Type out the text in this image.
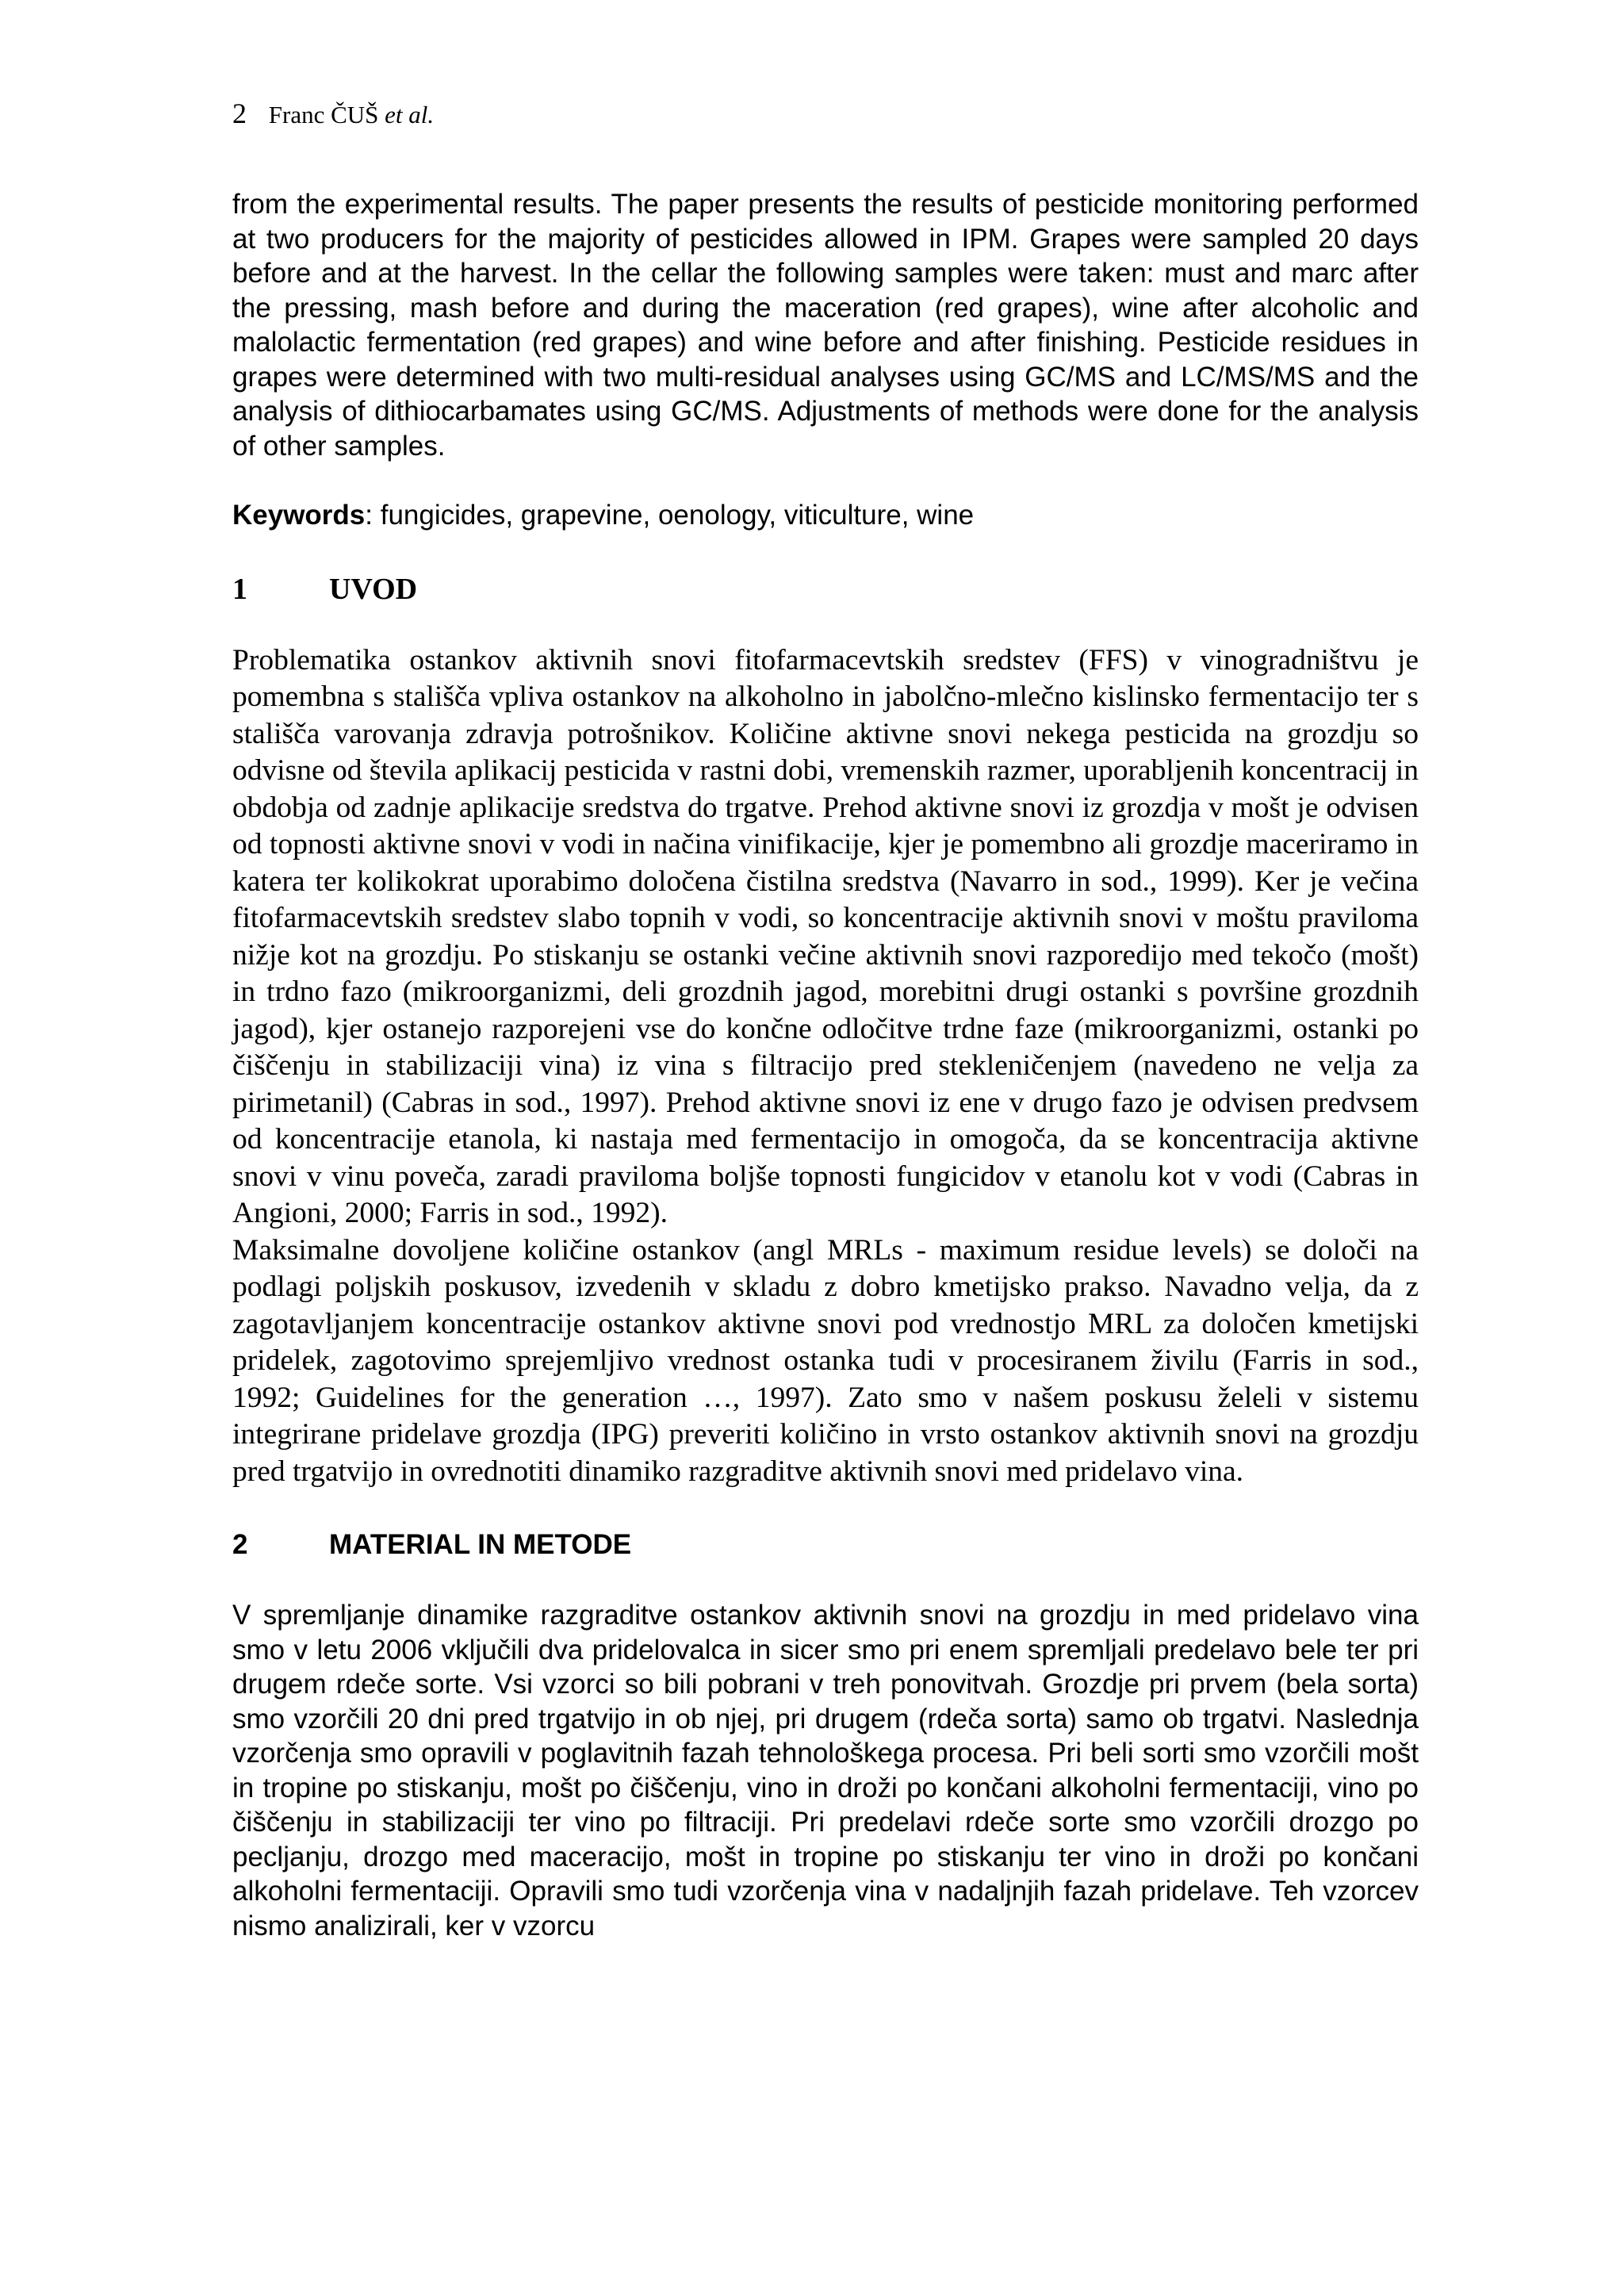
2 Franc ČUŠ et al.

from the experimental results. The paper presents the results of pesticide monitoring performed at two producers for the majority of pesticides allowed in IPM. Grapes were sampled 20 days before and at the harvest. In the cellar the following samples were taken: must and marc after the pressing, mash before and during the maceration (red grapes), wine after alcoholic and malolactic fermentation (red grapes) and wine before and after finishing. Pesticide residues in grapes were determined with two multi-residual analyses using GC/MS and LC/MS/MS and the analysis of dithiocarbamates using GC/MS. Adjustments of methods were done for the analysis of other samples.

Keywords: fungicides, grapevine, oenology, viticulture, wine

1	UVOD

Problematika ostankov aktivnih snovi fitofarmacevtskih sredstev (FFS) v vinogradništvu je pomembna s stališča vpliva ostankov na alkoholno in jabolčno-mlečno kislinsko fermentacijo ter s stališča varovanja zdravja potrošnikov. Količine aktivne snovi nekega pesticida na grozdju so odvisne od števila aplikacij pesticida v rastni dobi, vremenskih razmer, uporabljenih koncentracij in obdobja od zadnje aplikacije sredstva do trgatve. Prehod aktivne snovi iz grozdja v mošt je odvisen od topnosti aktivne snovi v vodi in načina vinifikacije, kjer je pomembno ali grozdje maceriramo in katera ter kolikokrat uporabimo določena čistilna sredstva (Navarro in sod., 1999). Ker je večina fitofarmacevtskih sredstev slabo topnih v vodi, so koncentracije aktivnih snovi v moštu praviloma nižje kot na grozdju. Po stiskanju se ostanki večine aktivnih snovi razporedijo med tekočo (mošt) in trdno fazo (mikroorganizmi, deli grozdnih jagod, morebitni drugi ostanki s površine grozdnih jagod), kjer ostanejo razporejeni vse do končne odločitve trdne faze (mikroorganizmi, ostanki po čiščenju in stabilizaciji vina) iz vina s filtracijo pred stekleničenjem (navedeno ne velja za pirimetanil) (Cabras in sod., 1997). Prehod aktivne snovi iz ene v drugo fazo je odvisen predvsem od koncentracije etanola, ki nastaja med fermentacijo in omogoča, da se koncentracija aktivne snovi v vinu poveča, zaradi praviloma boljše topnosti fungicidov v etanolu kot v vodi (Cabras in Angioni, 2000; Farris in sod., 1992).

Maksimalne dovoljene količine ostankov (angl MRLs - maximum residue levels) se določi na podlagi poljskih poskusov, izvedenih v skladu z dobro kmetijsko prakso. Navadno velja, da z zagotavljanjem koncentracije ostankov aktivne snovi pod vrednostjo MRL za določen kmetijski pridelek, zagotovimo sprejemljivo vrednost ostanka tudi v procesiranem živilu (Farris in sod., 1992; Guidelines for the generation …, 1997). Zato smo v našem poskusu želeli v sistemu integrirane pridelave grozdja (IPG) preveriti količino in vrsto ostankov aktivnih snovi na grozdju pred trgatvijo in ovrednotiti dinamiko razgraditve aktivnih snovi med pridelavo vina.

2	MATERIAL IN METODE

V spremljanje dinamike razgraditve ostankov aktivnih snovi na grozdju in med pridelavo vina smo v letu 2006 vključili dva pridelovalca in sicer smo pri enem spremljali predelavo bele ter pri drugem rdeče sorte. Vsi vzorci so bili pobrani v treh ponovitvah. Grozdje pri prvem (bela sorta) smo vzorčili 20 dni pred trgatvijo in ob njej, pri drugem (rdeča sorta) samo ob trgatvi. Naslednja vzorčenja smo opravili v poglavitnih fazah tehnološkega procesa. Pri beli sorti smo vzorčili mošt in tropine po stiskanju, mošt po čiščenju, vino in droži po končani alkoholni fermentaciji, vino po čiščenju in stabilizaciji ter vino po filtraciji. Pri predelavi rdeče sorte smo vzorčili drozgo po pecljanju, drozgo med maceracijo, mošt in tropine po stiskanju ter vino in droži po končani alkoholni fermentaciji. Opravili smo tudi vzorčenja vina v nadaljnjih fazah pridelave. Teh vzorcev nismo analizirali, ker v vzorcu
